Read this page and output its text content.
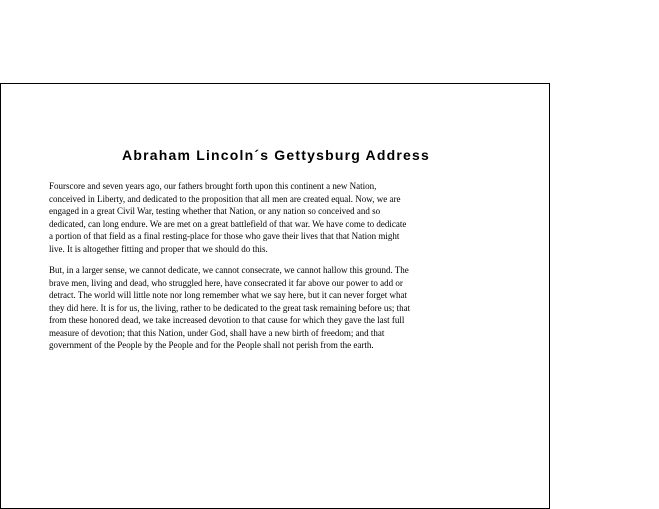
Abraham Lincoln´s Gettysburg Address

Fourscore and seven years ago, our fathers brought forth upon this continent a new Nation,
conceived in Liberty, and dedicated to the proposition that all men are created equal. Now, we are
engaged in a great Civil War, testing whether that Nation, or any nation so conceived and so
dedicated, can long endure. We are met on a great battlefield of that war. We have come to dedicate
a portion of that field as a final resting-place for those who gave their lives that that Nation might
live. It is altogether fitting and proper that we should do this.

But, in a larger sense, we cannot dedicate, we cannot consecrate, we cannot hallow this ground. The
brave men, living and dead, who struggled here, have consecrated it far above our power to add or
detract. The world will little note nor long remember what we say here, but it can never forget what
they did here. It is for us, the living, rather to be dedicated to the great task remaining before us; that
from these honored dead, we take increased devotion to that cause for which they gave the last full
measure of devotion; that this Nation, under God, shall have a new birth of freedom; and that
government of the People by the People and for the People shall not perish from the earth.
